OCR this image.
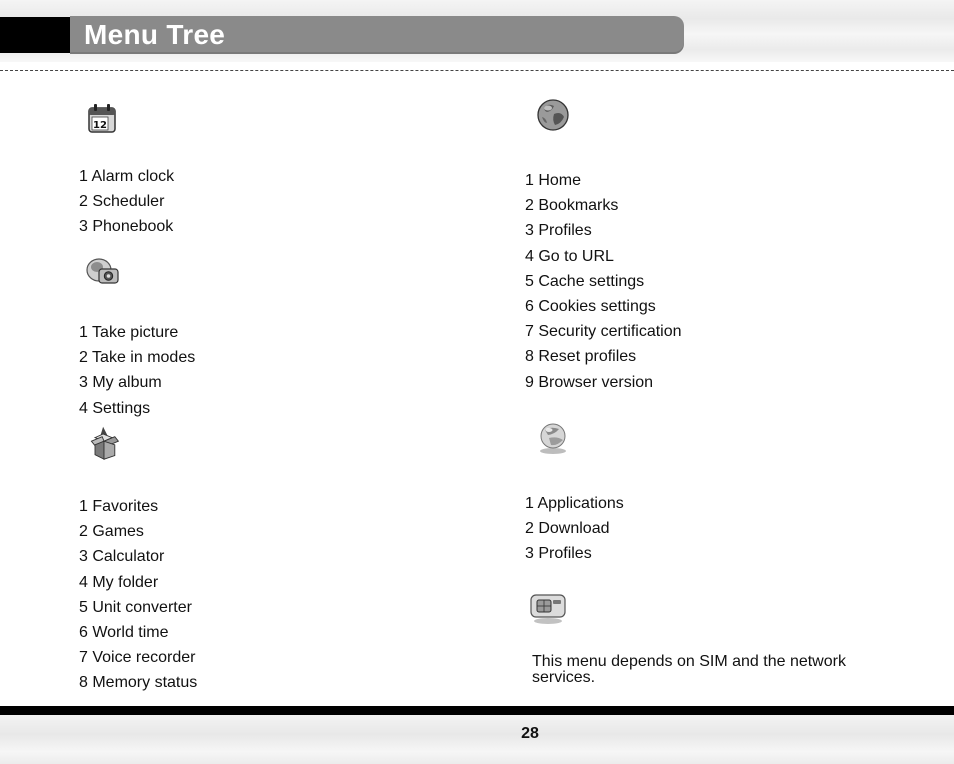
Menu Tree
12
1 Alarm clock
2 Scheduler
3 Phonebook
1 Take picture
2 Take in modes
3 My album
4 Settings
1 Favorites
2 Games
3 Calculator
4 My folder
5 Unit converter
6 World time
7 Voice recorder
8 Memory status
1 Home
2 Bookmarks
3 Profiles
4 Go to URL
5 Cache settings
6 Cookies settings
7 Security certification
8 Reset profiles
9 Browser version
1 Applications
2 Download
3 Profiles
This menu depends on SIM and the network services.
28
